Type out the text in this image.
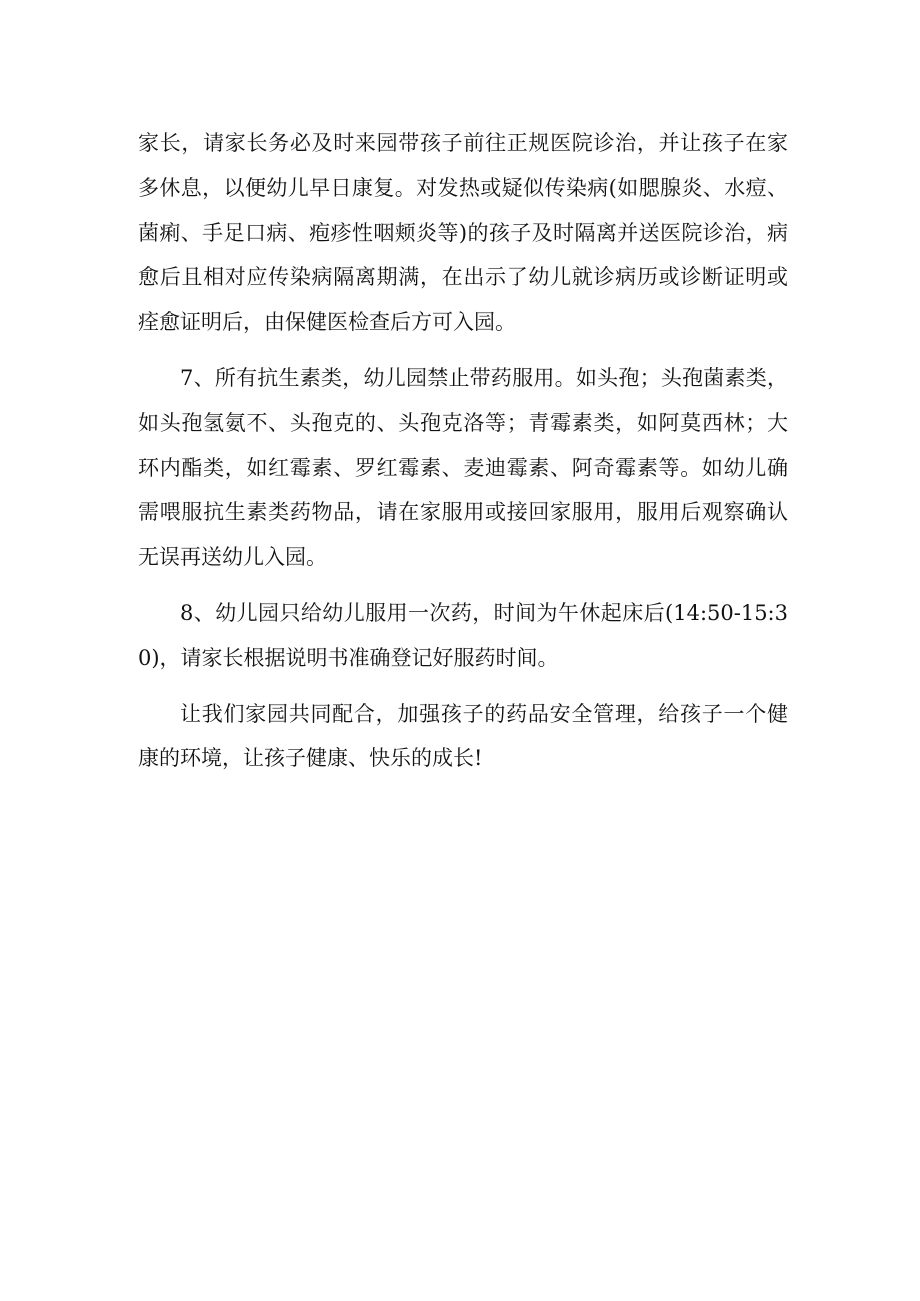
家长，请家长务必及时来园带孩子前往正规医院诊治，并让孩子在家多休息，以便幼儿早日康复。对发热或疑似传染病(如腮腺炎、水痘、菌痢、手足口病、疱疹性咽颊炎等)的孩子及时隔离并送医院诊治，病愈后且相对应传染病隔离期满，在出示了幼儿就诊病历或诊断证明或痊愈证明后，由保健医检查后方可入园。

7、所有抗生素类，幼儿园禁止带药服用。如头孢；头孢菌素类，如头孢氢氨不、头孢克的、头孢克洛等；青霉素类，如阿莫西林；大环内酯类，如红霉素、罗红霉素、麦迪霉素、阿奇霉素等。如幼儿确需喂服抗生素类药物品，请在家服用或接回家服用，服用后观察确认无误再送幼儿入园。

8、幼儿园只给幼儿服用一次药，时间为午休起床后(14:50-15:30)，请家长根据说明书准确登记好服药时间。

让我们家园共同配合，加强孩子的药品安全管理，给孩子一个健康的环境，让孩子健康、快乐的成长!
